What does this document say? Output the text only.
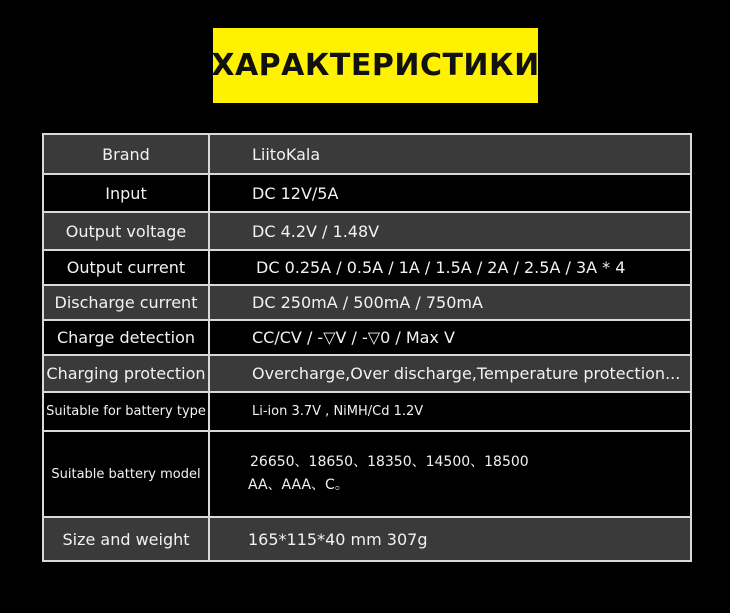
ХАРАКТЕРИСТИКИ
Brand	LiitoKala
Input	DC 12V/5A
Output voltage	DC 4.2V / 1.48V
Output current	DC 0.25A / 0.5A / 1A / 1.5A / 2A / 2.5A / 3A * 4
Discharge current	DC 250mA / 500mA / 750mA
Charge detection	CC/CV / -▽V / -▽0 / Max V
Charging protection	Overcharge,Over discharge,Temperature protection...
Suitable for battery type	Li-ion 3.7V , NiMH/Cd 1.2V
Suitable battery model	26650、18650、18350、14500、18500
AA、AAA、C。

Size and weight	165*115*40 mm 307g
